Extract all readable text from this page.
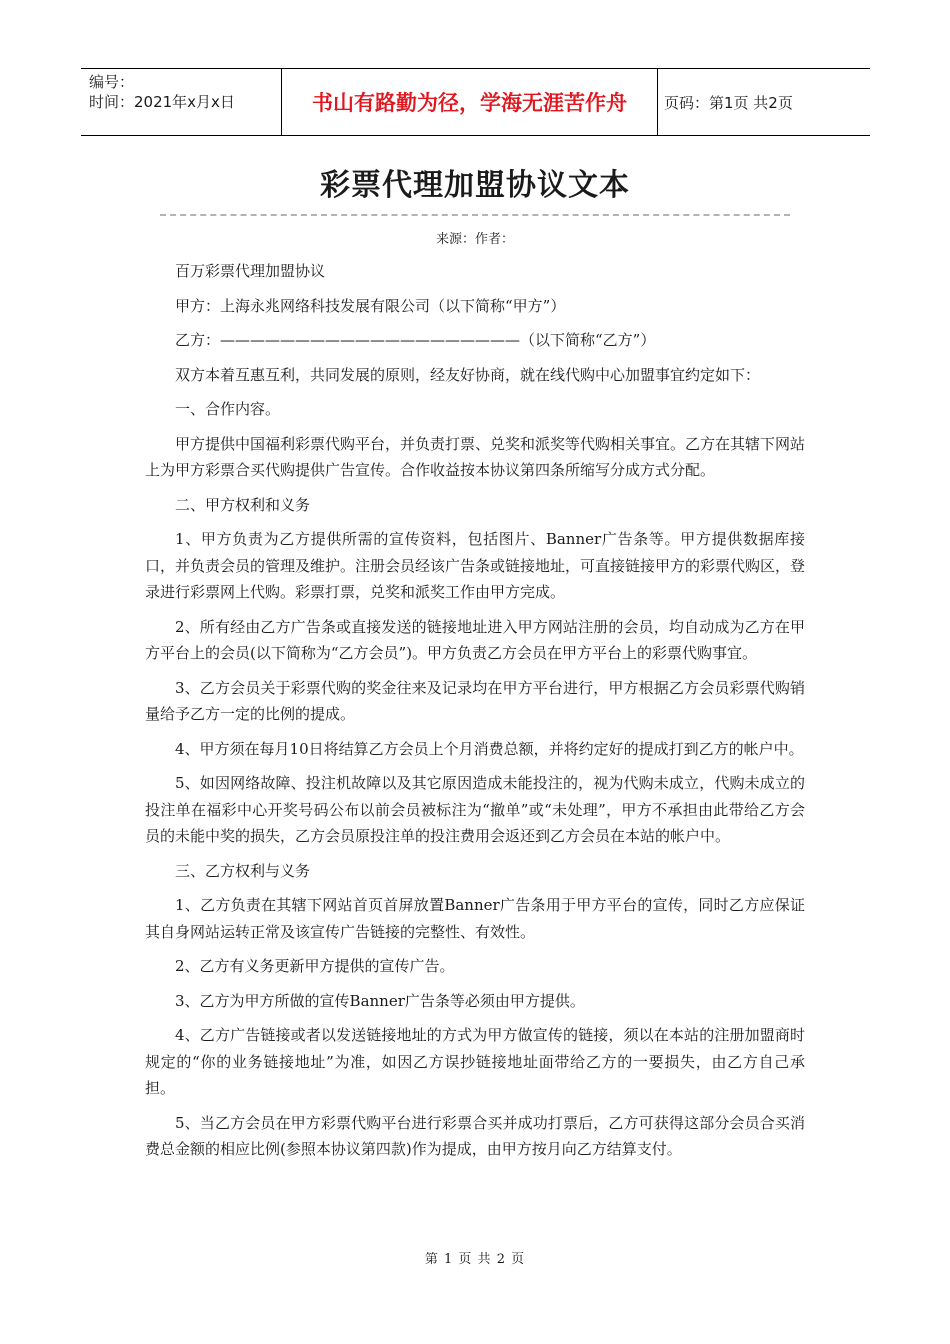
编号：
时间：2021年x月x日	书山有路勤为径，学海无涯苦作舟 页码：第1页 共2页
彩票代理加盟协议文本
来源：作者：

百万彩票代理加盟协议

甲方：上海永兆网络科技发展有限公司（以下简称“甲方”）

乙方：————————————————————（以下简称“乙方”）

双方本着互惠互利，共同发展的原则，经友好协商，就在线代购中心加盟事宜约定如下：

一、合作内容。

甲方提供中国福利彩票代购平台，并负责打票、兑奖和派奖等代购相关事宜。乙方在其辖下网站上为甲方彩票合买代购提供广告宣传。合作收益按本协议第四条所缩写分成方式分配。

二、甲方权利和义务

1、甲方负责为乙方提供所需的宣传资料，包括图片、Banner广告条等。甲方提供数据库接口，并负责会员的管理及维护。注册会员经该广告条或链接地址，可直接链接甲方的彩票代购区，登录进行彩票网上代购。彩票打票，兑奖和派奖工作由甲方完成。

2、所有经由乙方广告条或直接发送的链接地址进入甲方网站注册的会员，均自动成为乙方在甲方平台上的会员(以下简称为“乙方会员”)。甲方负责乙方会员在甲方平台上的彩票代购事宜。

3、乙方会员关于彩票代购的奖金往来及记录均在甲方平台进行，甲方根据乙方会员彩票代购销量给予乙方一定的比例的提成。

4、甲方须在每月10日将结算乙方会员上个月消费总额，并将约定好的提成打到乙方的帐户中。

5、如因网络故障、投注机故障以及其它原因造成未能投注的，视为代购未成立，代购未成立的投注单在福彩中心开奖号码公布以前会员被标注为“撤单”或“未处理”，甲方不承担由此带给乙方会员的未能中奖的损失，乙方会员原投注单的投注费用会返还到乙方会员在本站的帐户中。

三、乙方权利与义务

1、乙方负责在其辖下网站首页首屏放置Banner广告条用于甲方平台的宣传，同时乙方应保证其自身网站运转正常及该宣传广告链接的完整性、有效性。

2、乙方有义务更新甲方提供的宣传广告。

3、乙方为甲方所做的宣传Banner广告条等必须由甲方提供。

4、乙方广告链接或者以发送链接地址的方式为甲方做宣传的链接，须以在本站的注册加盟商时规定的“你的业务链接地址”为准，如因乙方误抄链接地址面带给乙方的一要损失，由乙方自己承担。

5、当乙方会员在甲方彩票代购平台进行彩票合买并成功打票后，乙方可获得这部分会员合买消费总金额的相应比例(参照本协议第四款)作为提成，由甲方按月向乙方结算支付。

第 1 页 共 2 页
